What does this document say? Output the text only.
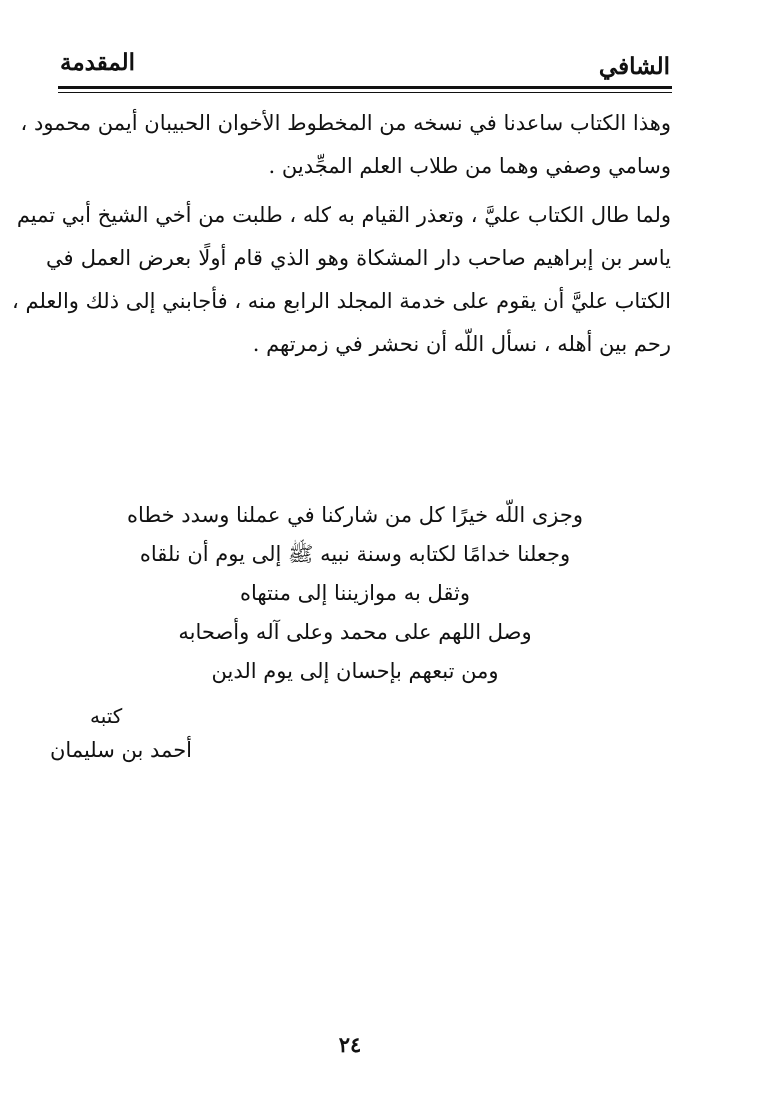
الشافي
المقدمة
وهذا الكتاب ساعدنا في نسخه من المخطوط الأخوان الحبيبان أيمن محمود ،
وسامي وصفي وهما من طلاب العلم المجِّدين .
ولما طال الكتاب عليَّ ، وتعذر القيام به كله ، طلبت من أخي الشيخ أبي تميم
ياسر بن إبراهيم صاحب دار المشكاة وهو الذي قام أولًا بعرض العمل في
الكتاب عليَّ أن يقوم على خدمة المجلد الرابع منه ، فأجابني إلى ذلك والعلم ،
رحم بين أهله ، نسأل اللّه أن نحشر في زمرتهم .
وجزى اللّه خيرًا كل من شاركنا في عملنا وسدد خطاه
وجعلنا خدامًا لكتابه وسنة نبيه ﷺ إلى يوم أن نلقاه
وثقل به موازيننا إلى منتهاه
وصل اللهم على محمد وعلى آله وأصحابه
ومن تبعهم بإحسان إلى يوم الدين
كتبه
أحمد بن سليمان
٢٤
